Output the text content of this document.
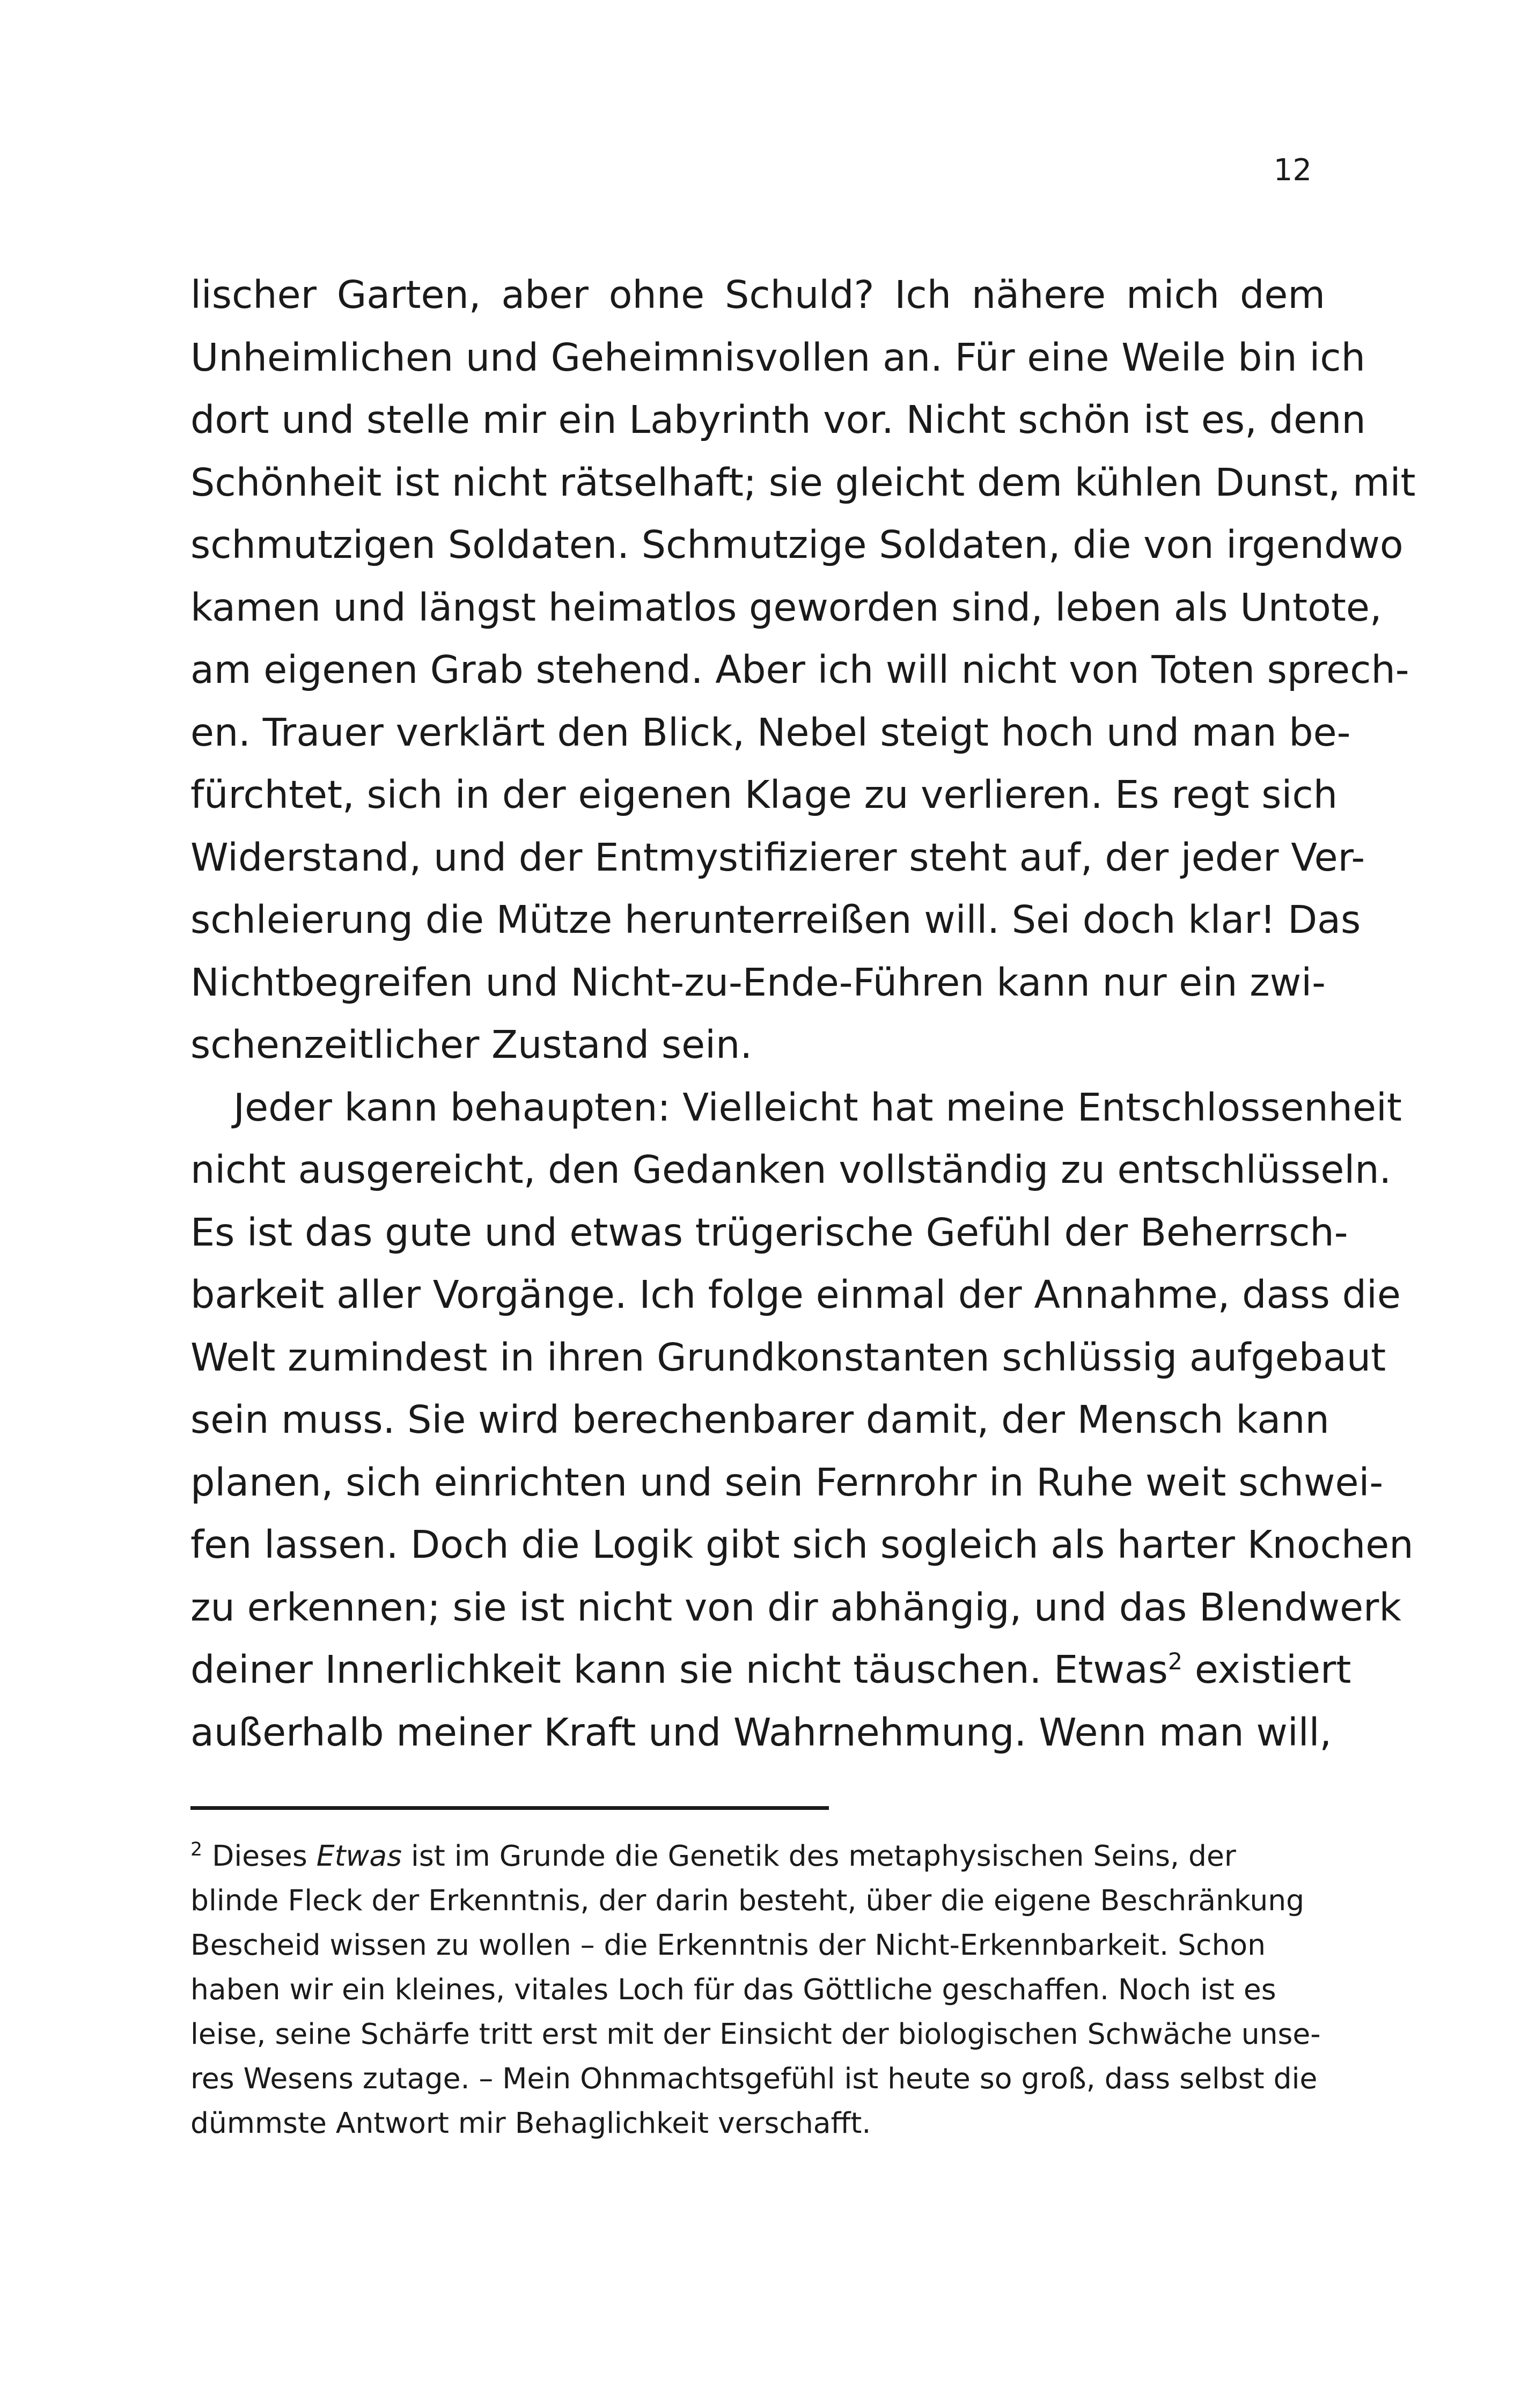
12
lischer Garten, aber ohne Schuld? Ich nähere mich dem
Unheimlichen und Geheimnisvollen an. Für eine Weile bin ich
dort und stelle mir ein Labyrinth vor. Nicht schön ist es, denn
Schönheit ist nicht rätselhaft; sie gleicht dem kühlen Dunst, mit
schmutzigen Soldaten. Schmutzige Soldaten, die von irgendwo
kamen und längst heimatlos geworden sind, leben als Untote,
am eigenen Grab stehend. Aber ich will nicht von Toten sprech-
en. Trauer verklärt den Blick, Nebel steigt hoch und man be-
fürchtet, sich in der eigenen Klage zu verlieren. Es regt sich
Widerstand, und der Entmystifizierer steht auf, der jeder Ver-
schleierung die Mütze herunterreißen will. Sei doch klar! Das
Nichtbegreifen und Nicht-zu-Ende-Führen kann nur ein zwi-
schenzeitlicher Zustand sein.
Jeder kann behaupten: Vielleicht hat meine Entschlossenheit
nicht ausgereicht, den Gedanken vollständig zu entschlüsseln.
Es ist das gute und etwas trügerische Gefühl der Beherrsch-
barkeit aller Vorgänge. Ich folge einmal der Annahme, dass die
Welt zumindest in ihren Grundkonstanten schlüssig aufgebaut
sein muss. Sie wird berechenbarer damit, der Mensch kann
planen, sich einrichten und sein Fernrohr in Ruhe weit schwei-
fen lassen. Doch die Logik gibt sich sogleich als harter Knochen
zu erkennen; sie ist nicht von dir abhängig, und das Blendwerk
deiner Innerlichkeit kann sie nicht täuschen. Etwas$^2$ existiert
außerhalb meiner Kraft und Wahrnehmung. Wenn man will,
$^2$ Dieses Etwas ist im Grunde die Genetik des metaphysischen Seins, der
blinde Fleck der Erkenntnis, der darin besteht, über die eigene Beschränkung
Bescheid wissen zu wollen – die Erkenntnis der Nicht-Erkennbarkeit. Schon
haben wir ein kleines, vitales Loch für das Göttliche geschaffen. Noch ist es
leise, seine Schärfe tritt erst mit der Einsicht der biologischen Schwäche unse-
res Wesens zutage. – Mein Ohnmachtsgefühl ist heute so groß, dass selbst die
dümmste Antwort mir Behaglichkeit verschafft.
